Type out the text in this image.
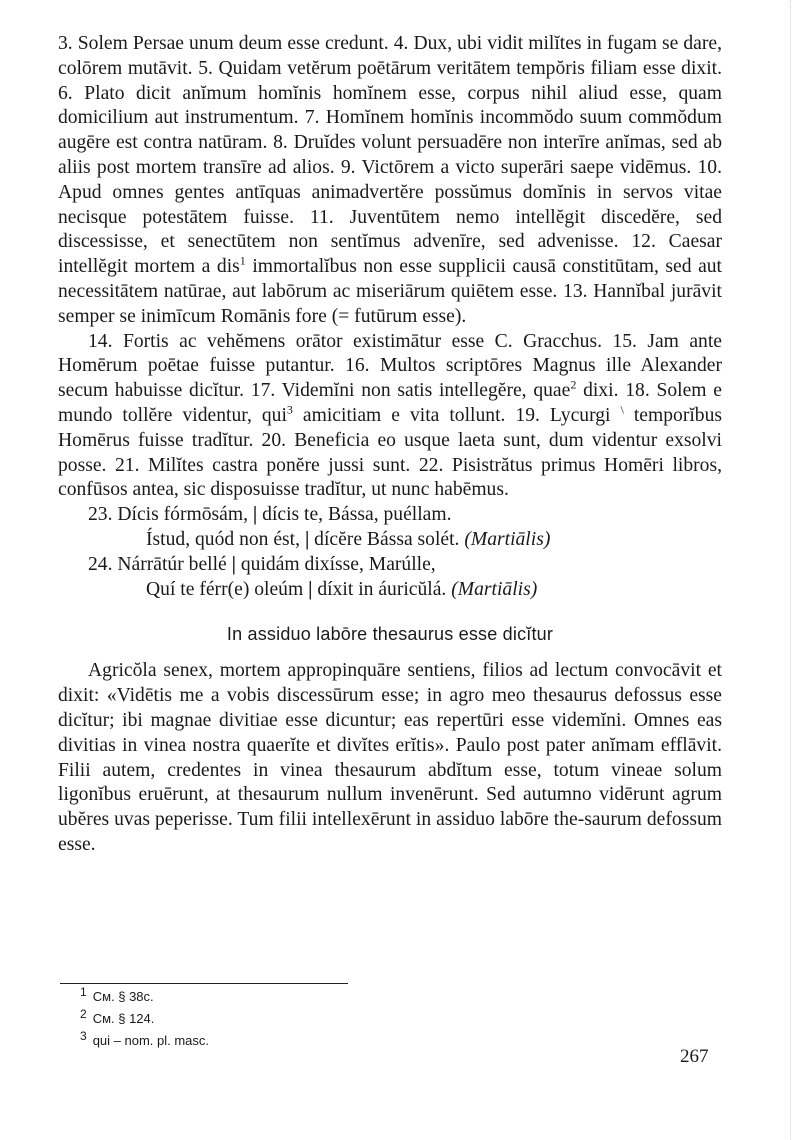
3. Solem Persae unum deum esse credunt. 4. Dux, ubi vidit milĭtes in fugam se dare, colōrem mutāvit. 5. Quidam vetĕrum poētārum veritātem tempŏris filiam esse dixit. 6. Plato dicit anĭmum homĭnis homĭnem esse, corpus nihil aliud esse, quam domicilium aut instrumentum. 7. Homĭnem homĭnis incommŏdo suum commŏdum augēre est contra natūram. 8. Druĭdes volunt persuadēre non interīre anĭmas, sed ab aliis post mortem transīre ad alios. 9. Victōrem a victo superāri saepe vidēmus. 10. Apud omnes gentes antīquas animadvertĕre possŭmus domĭnis in servos vitae necisque potestātem fuisse. 11. Juventūtem nemo intellĕgit discedĕre, sed discessisse, et senectūtem non sentĭmus advenīre, sed advenisse. 12. Caesar intellĕgit mortem a dis$^1$ immortalĭbus non esse supplicii causā constitūtam, sed aut necessitātem natūrae, aut labōrum ac miseriārum quiētem esse. 13. Hannĭbal jurāvit semper se inimīcum Romānis fore (= futūrum esse).

14. Fortis ac vehĕmens orātor existimātur esse C. Gracchus. 15. Jam ante Homērum poētae fuisse putantur. 16. Multos scriptōres Magnus ille Alexander secum habuisse dicĭtur. 17. Videmĭni non satis intellegĕre, quae$^2$ dixi. 18. Solem e mundo tollĕre videntur, qui$^3$ amicitiam e vita tollunt. 19. Lycurgi \ temporĭbus Homērus fuisse tradĭtur. 20. Beneficia eo usque laeta sunt, dum videntur exsolvi posse. 21. Milĭtes castra ponĕre jussi sunt. 22. Pisistrătus primus Homēri libros, confūsos antea, sic disposuisse tradĭtur, ut nunc habēmus.

23. Dícis fórmōsám, | dícis te, Bássa, puéllam.
Ístud, quód non ést, | dícĕre Bássa solét. (Martiālis)
24. Nárrātúr bellé | quidám dixísse, Marúlle,
Quí te férr(e) oleúm | díxit in áuricŭlá. (Martiālis)
In assiduo labōre thesaurus esse dicĭtur

Agricŏla senex, mortem appropinquāre sentiens, filios ad lectum convocāvit et dixit: «Vidētis me a vobis discessūrum esse; in agro meo thesaurus defossus esse dicĭtur; ibi magnae divitiae esse dicuntur; eas repertūri esse videmĭni. Omnes eas divitias in vinea nostra quaerĭte et divĭtes erĭtis». Paulo post pater anĭmam efflāvit. Filii autem, credentes in vinea thesaurum abdĭtum esse, totum vineae solum ligonĭbus eruērunt, at thesaurum nullum invenērunt. Sed autumno vidērunt agrum ubĕres uvas peperisse. Tum filii intellexērunt in assiduo labōre the-saurum defossum esse.

$^1$ См. § 38с.
$^2$ См. § 124.
$^3$ qui – nom. pl. masc.
267
